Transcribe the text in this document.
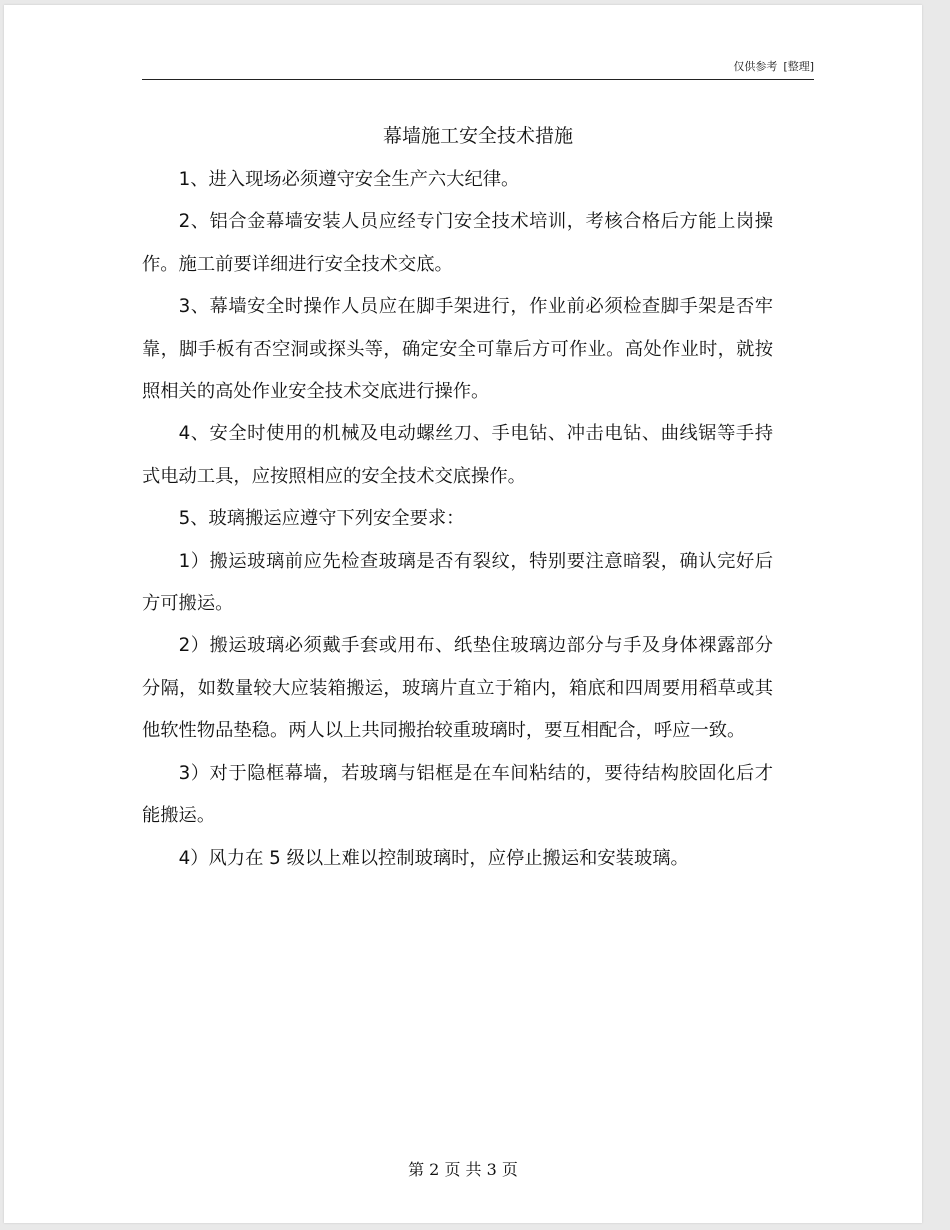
仅供参考 [整理]
幕墙施工安全技术措施

1、进入现场必须遵守安全生产六大纪律。

2、铝合金幕墙安装人员应经专门安全技术培训，考核合格后方能上岗操作。施工前要详细进行安全技术交底。

3、幕墙安全时操作人员应在脚手架进行，作业前必须检查脚手架是否牢靠，脚手板有否空洞或探头等，确定安全可靠后方可作业。高处作业时，就按照相关的高处作业安全技术交底进行操作。

4、安全时使用的机械及电动螺丝刀、手电钻、冲击电钻、曲线锯等手持式电动工具，应按照相应的安全技术交底操作。

5、玻璃搬运应遵守下列安全要求：

1）搬运玻璃前应先检查玻璃是否有裂纹，特别要注意暗裂，确认完好后方可搬运。

2）搬运玻璃必须戴手套或用布、纸垫住玻璃边部分与手及身体裸露部分分隔，如数量较大应装箱搬运，玻璃片直立于箱内，箱底和四周要用稻草或其他软性物品垫稳。两人以上共同搬抬较重玻璃时，要互相配合，呼应一致。

3）对于隐框幕墙，若玻璃与铝框是在车间粘结的，要待结构胶固化后才能搬运。

4）风力在 5 级以上难以控制玻璃时，应停止搬运和安装玻璃。

第 2 页 共 3 页
